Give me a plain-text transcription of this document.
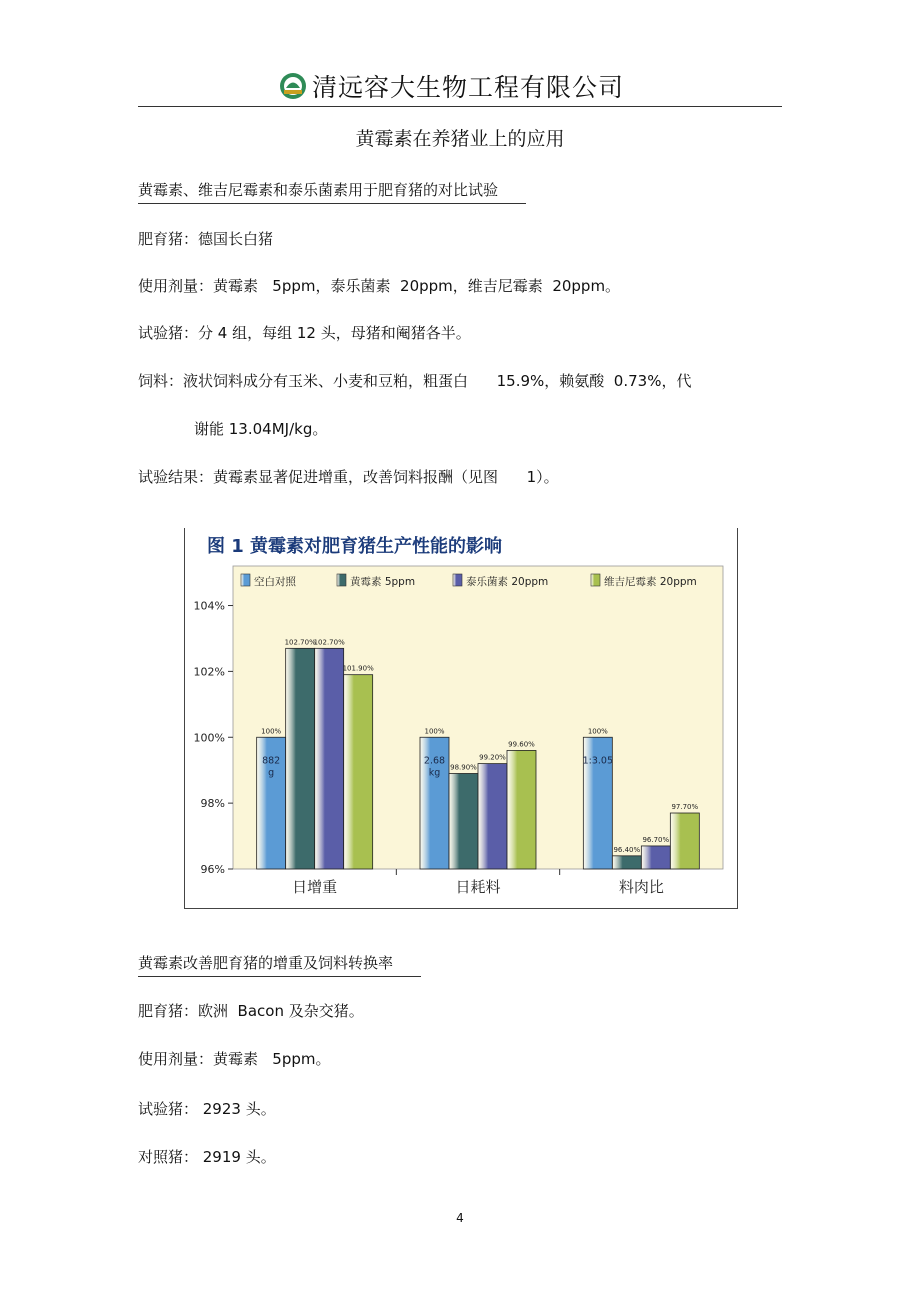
清远容大生物工程有限公司
黄霉素在养猪业上的应用
黄霉素、维吉尼霉素和泰乐菌素用于肥育猪的对比试验
肥育猪：德国长白猪
使用剂量：黄霉素   5ppm，泰乐菌素  20ppm，维吉尼霉素  20ppm。
试验猪：分 4 组，每组 12 头，母猪和阉猪各半。
饲料：液状饲料成分有玉米、小麦和豆粕，粗蛋白      15.9%，赖氨酸  0.73%，代
谢能 13.04MJ/kg。
试验结果：黄霉素显著促进增重，改善饲料报酬（见图      1）。
图 1 黄霉素对肥育猪生产性能的影响
空白对照	黄霉素 5ppm	泰乐菌素 20ppm	维吉尼霉素 20ppm
96%
98%
100%
102%
104%
100%
882
g
102.70%
102.70%
101.90%
日增重
100%
2.68
kg 98.90%
99.20%
99.60%
日耗料
100%
1:3.05
96.40%
96.70%
97.70%
料肉比
黄霉素改善肥育猪的增重及饲料转换率
肥育猪：欧洲  Bacon 及杂交猪。
使用剂量：黄霉素   5ppm。
试验猪： 2923 头。
对照猪： 2919 头。
4
